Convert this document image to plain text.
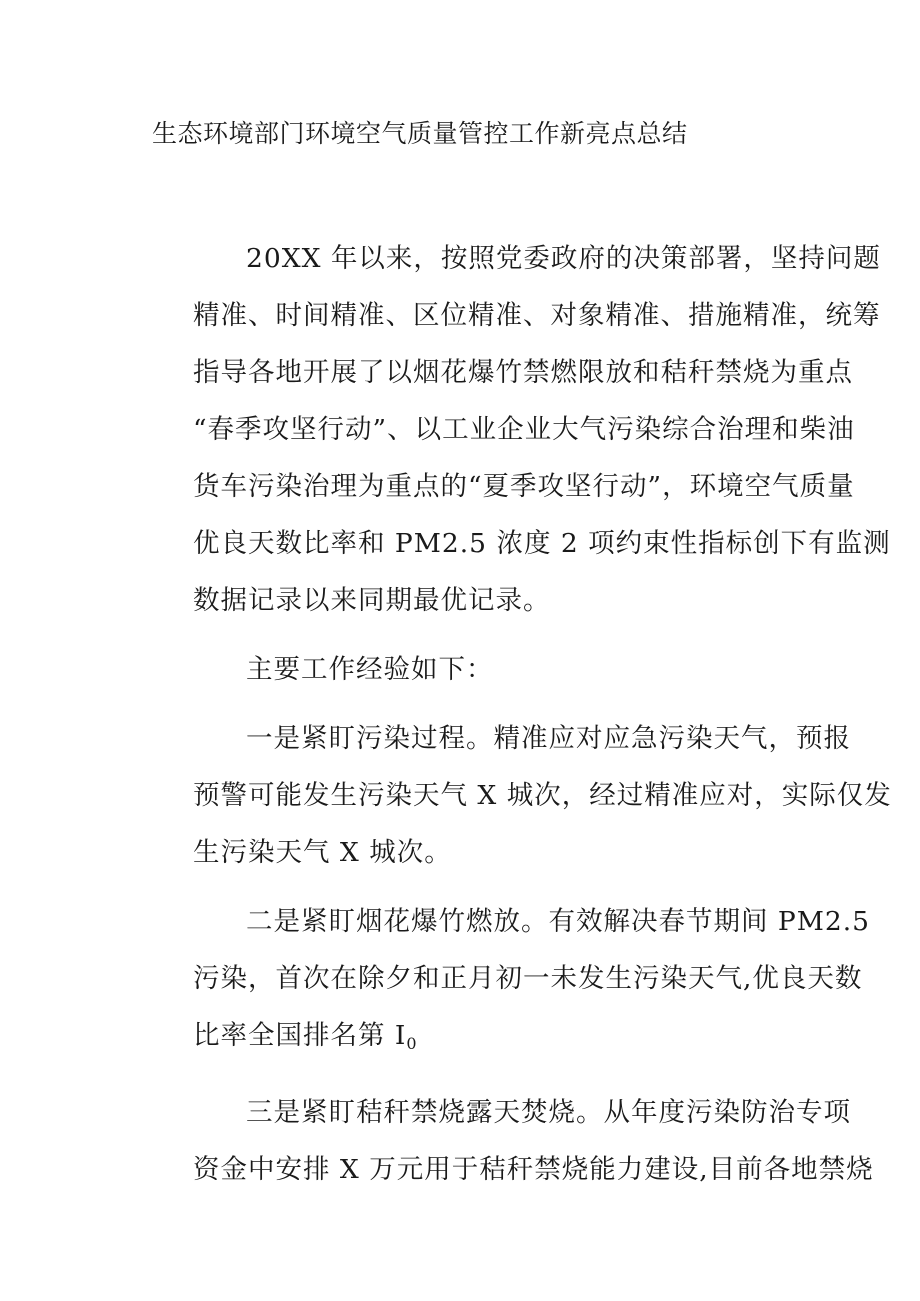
生态环境部门环境空气质量管控工作新亮点总结
20XX 年以来，按照党委政府的决策部署，坚持问题
精准、时间精准、区位精准、对象精准、措施精准，统筹
指导各地开展了以烟花爆竹禁燃限放和秸秆禁烧为重点
“春季攻坚行动”、以工业企业大气污染综合治理和柴油
货车污染治理为重点的“夏季攻坚行动”，环境空气质量
优良天数比率和 PM2.5 浓度 2 项约束性指标创下有监测
数据记录以来同期最优记录。
主要工作经验如下：
一是紧盯污染过程。精准应对应急污染天气，预报
预警可能发生污染天气 X 城次，经过精准应对，实际仅发
生污染天气 X 城次。
二是紧盯烟花爆竹燃放。有效解决春节期间 PM2.5
污染，首次在除夕和正月初一未发生污染天气,优良天数
比率全国排名第 $I_0$
三是紧盯秸秆禁烧露天焚烧。从年度污染防治专项
资金中安排 X 万元用于秸秆禁烧能力建设,目前各地禁烧
